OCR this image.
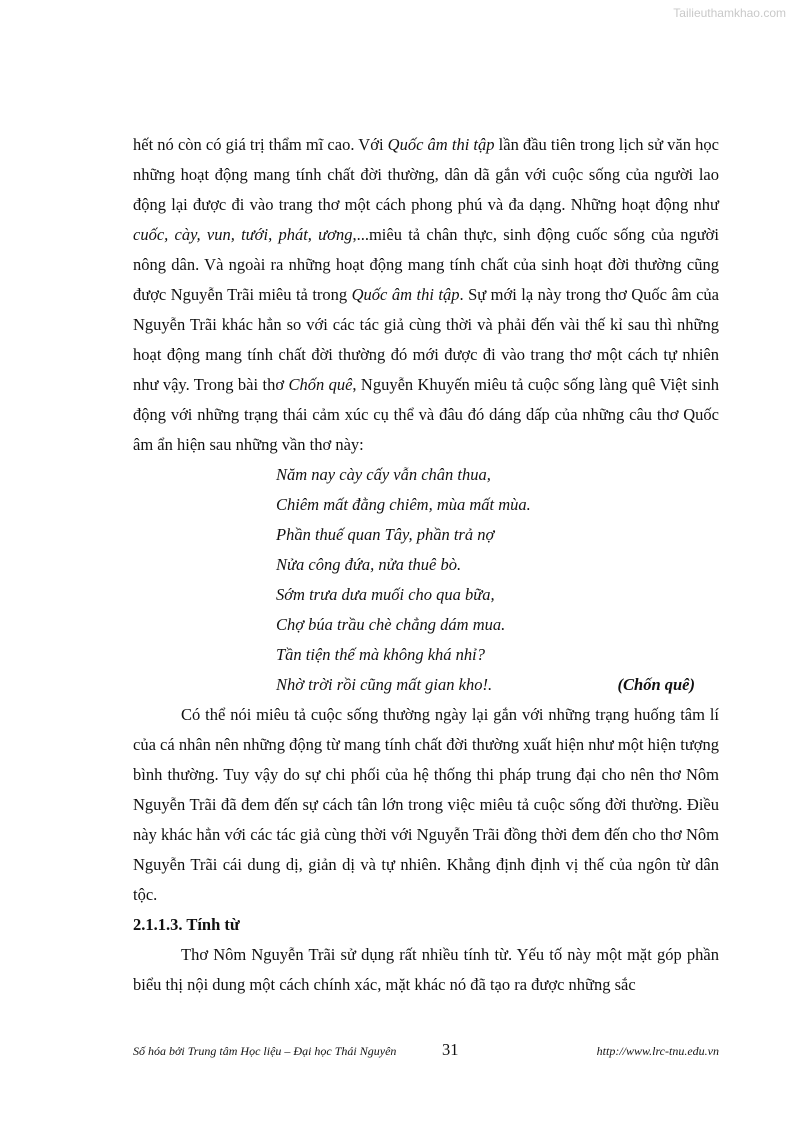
Tailieuthamkhao.com

hết nó còn có giá trị thẩm mĩ cao. Với Quốc âm thi tập lần đầu tiên trong lịch sử văn học những hoạt động mang tính chất đời thường, dân dã gắn với cuộc sống của người lao động lại được đi vào trang thơ một cách phong phú và đa dạng. Những hoạt động như cuốc, cày, vun, tưới, phát, ương,...miêu tả chân thực, sinh động cuốc sống của người nông dân. Và ngoài ra những hoạt động mang tính chất của sinh hoạt đời thường cũng được Nguyễn Trãi miêu tả trong Quốc âm thi tập. Sự mới lạ này trong thơ Quốc âm của Nguyễn Trãi khác hẳn so với các tác giả cùng thời và phải đến vài thế kỉ sau thì những hoạt động mang tính chất đời thường đó mới được đi vào trang thơ một cách tự nhiên như vậy. Trong bài thơ Chốn quê, Nguyễn Khuyến miêu tả cuộc sống làng quê Việt sinh động với những trạng thái cảm xúc cụ thể và đâu đó dáng dấp của những câu thơ Quốc âm ẩn hiện sau những vần thơ này:

Năm nay cày cấy vẫn chân thua,
Chiêm mất đằng chiêm, mùa mất mùa.
Phần thuế quan Tây, phần trả nợ
Nửa công đứa, nửa thuê bò.
Sớm trưa dưa muối cho qua bữa,
Chợ búa trầu chè chẳng dám mua.
Tần tiện thế mà không khá nhỉ?
Nhờ trời rồi cũng mất gian kho!.	(Chốn quê)

Có thể nói miêu tả cuộc sống thường ngày lại gắn với những trạng huống tâm lí của cá nhân nên những động từ mang tính chất đời thường xuất hiện như một hiện tượng bình thường. Tuy vậy do sự chi phối của hệ thống thi pháp trung đại cho nên thơ Nôm Nguyễn Trãi đã đem đến sự cách tân lớn trong việc miêu tả cuộc sống đời thường. Điều này khác hẳn với các tác giả cùng thời với Nguyễn Trãi đồng thời đem đến cho thơ Nôm Nguyễn Trãi cái dung dị, giản dị và tự nhiên. Khẳng định định vị thế của ngôn từ dân tộc.

2.1.1.3. Tính từ

Thơ Nôm Nguyễn Trãi sử dụng rất nhiều tính từ. Yếu tố này một mặt góp phần biểu thị nội dung một cách chính xác, mặt khác nó đã tạo ra được những sắc

Số hóa bởi Trung tâm Học liệu – Đại học Thái Nguyên	31	http://www.lrc-tnu.edu.vn
